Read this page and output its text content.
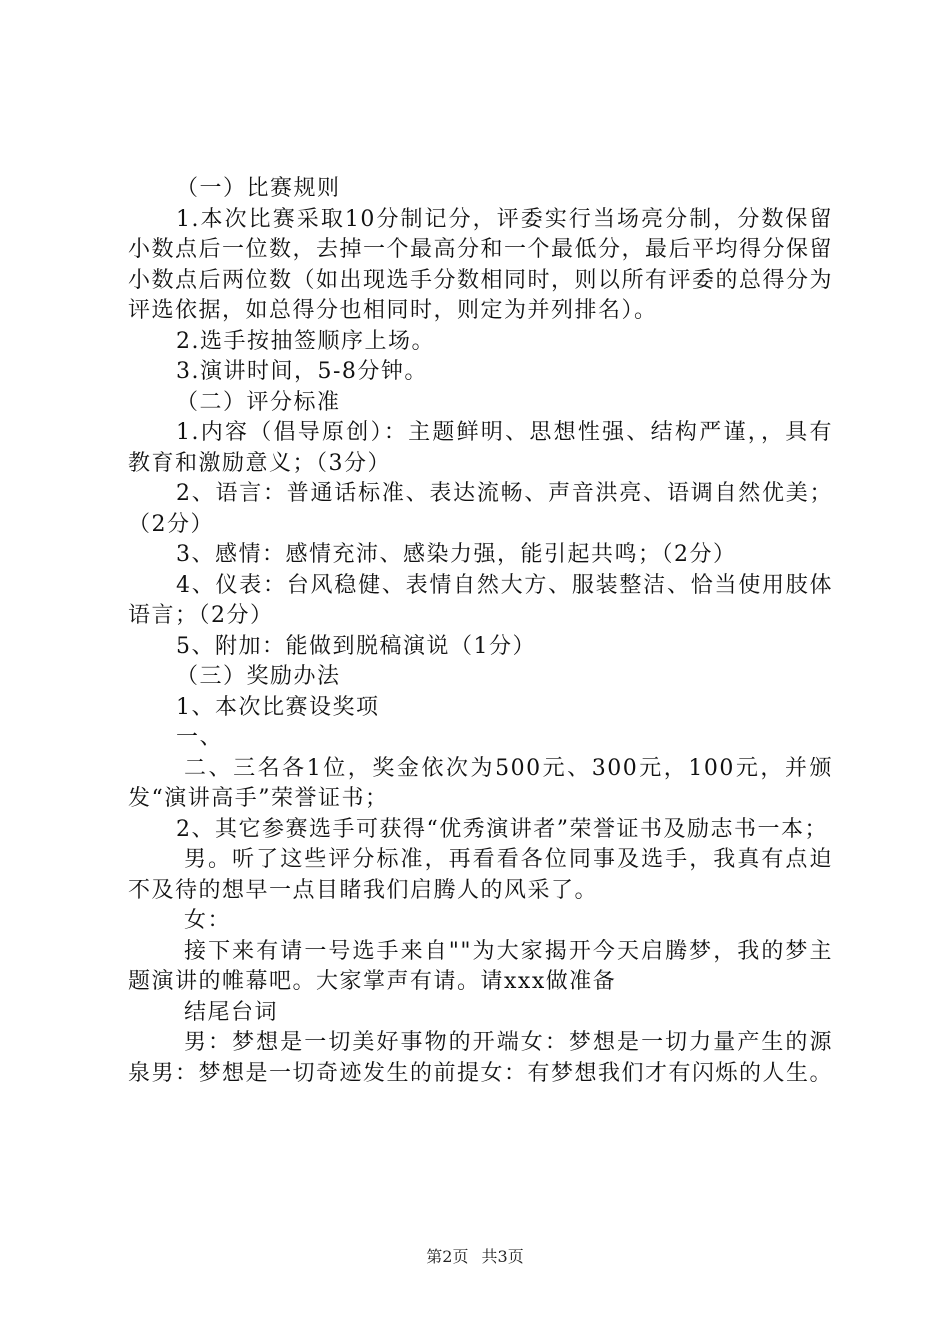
（一）比赛规则

1.本次比赛采取10分制记分，评委实行当场亮分制，分数保留小数点后一位数，去掉一个最高分和一个最低分，最后平均得分保留小数点后两位数（如出现选手分数相同时，则以所有评委的总得分为评选依据，如总得分也相同时，则定为并列排名）。

2.选手按抽签顺序上场。

3.演讲时间，5-8分钟。

（二）评分标准

1.内容（倡导原创）：主题鲜明、思想性强、结构严谨，，具有教育和激励意义；（3分）

2、语言：普通话标准、表达流畅、声音洪亮、语调自然优美；（2分）

3、感情：感情充沛、感染力强，能引起共鸣；（2分）

4、仪表：台风稳健、表情自然大方、服装整洁、恰当使用肢体语言；（2分）

5、附加：能做到脱稿演说（1分）

（三）奖励办法

1、本次比赛设奖项

一、

二、三名各1位，奖金依次为500元、300元，100元，并颁发“演讲高手”荣誉证书；

2、其它参赛选手可获得“优秀演讲者”荣誉证书及励志书一本；

男。听了这些评分标准，再看看各位同事及选手，我真有点迫不及待的想早一点目睹我们启腾人的风采了。

女：

接下来有请一号选手来自""为大家揭开今天启腾梦，我的梦主题演讲的帷幕吧。大家掌声有请。请xxx做准备

结尾台词

男：梦想是一切美好事物的开端女：梦想是一切力量产生的源泉男：梦想是一切奇迹发生的前提女：有梦想我们才有闪烁的人生。

第2页 共3页
